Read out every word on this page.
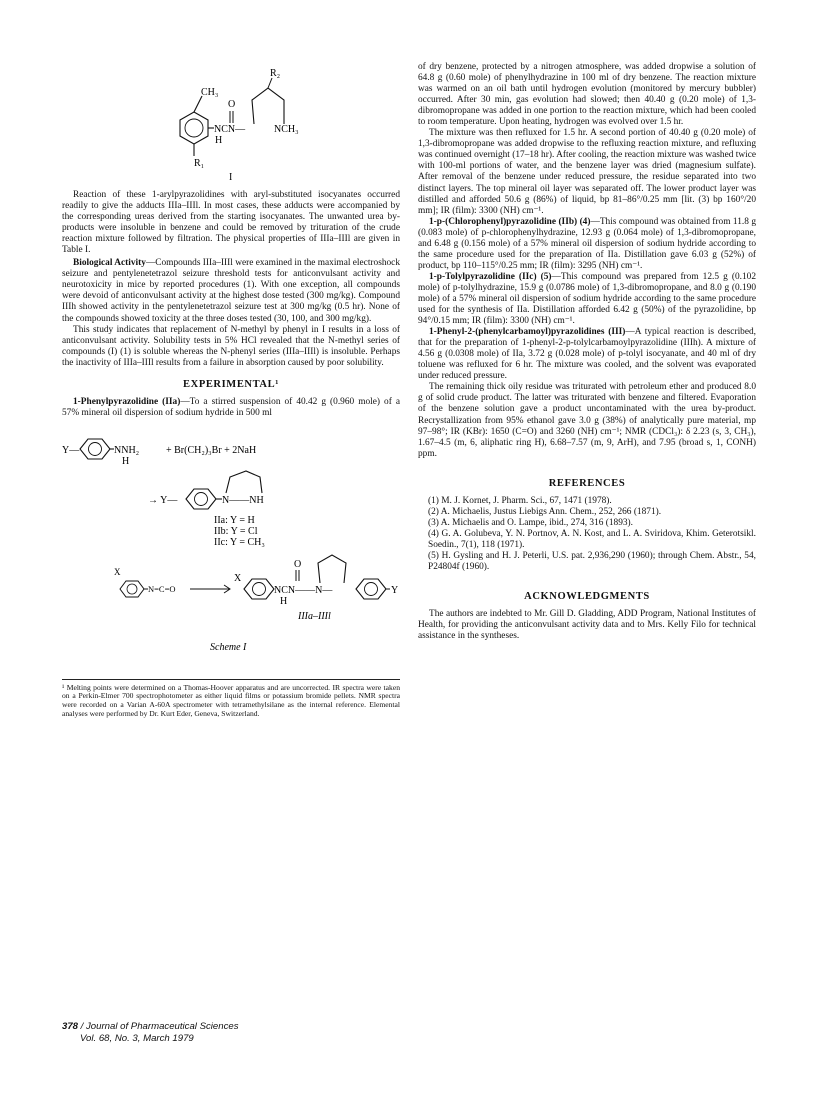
CH₃
R₁
NCN—
H
O
R₂
NCH₃
I

Reaction of these 1-arylpyrazolidines with aryl-substituted isocyanates occurred readily to give the adducts IIIa–IIIl. In most cases, these adducts were accompanied by the corresponding ureas derived from the starting isocyanates. The unwanted urea by-products were insoluble in benzene and could be removed by trituration of the crude reaction mixture followed by filtration. The physical properties of IIIa–IIIl are given in Table I.

Biological Activity—Compounds IIIa–IIIl were examined in the maximal electroshock seizure and pentylenetetrazol seizure threshold tests for anticonvulsant activity and neurotoxicity in mice by reported procedures (1). With one exception, all compounds were devoid of anticonvulsant activity at the highest dose tested (300 mg/kg). Compound IIIh showed activity in the pentylenetetrazol seizure test at 300 mg/kg (0.5 hr). None of the compounds showed toxicity at the three doses tested (30, 100, and 300 mg/kg).

This study indicates that replacement of N-methyl by phenyl in I results in a loss of anticonvulsant activity. Solubility tests in 5% HCl revealed that the N-methyl series of compounds (I) (1) is soluble whereas the N-phenyl series (IIIa–IIIl) is insoluble. Perhaps the inactivity of IIIa–IIIl results from a failure in absorption caused by poor solubility.

EXPERIMENTAL¹

1-Phenylpyrazolidine (IIa)—To a stirred suspension of 40.42 g (0.960 mole) of a 57% mineral oil dispersion of sodium hydride in 500 ml

Y—	NNH₂
H
+ Br(CH₂)₃Br + 2NaH
→ Y—	N——NH
IIa: Y = H
IIb: Y = Cl
IIc: Y = CH₃
X
N=C=O
X
O
NCN——N—
H
Y
IIIa–IIIl
Scheme I
¹ Melting points were determined on a Thomas-Hoover apparatus and are uncorrected. IR spectra were taken on a Perkin-Elmer 700 spectrophotometer as either liquid films or potassium bromide pellets. NMR spectra were recorded on a Varian A-60A spectrometer with tetramethylsilane as the internal reference. Elemental analyses were performed by Dr. Kurt Eder, Geneva, Switzerland.

of dry benzene, protected by a nitrogen atmosphere, was added dropwise a solution of 64.8 g (0.60 mole) of phenylhydrazine in 100 ml of dry benzene. The reaction mixture was warmed on an oil bath until hydrogen evolution (monitored by mercury bubbler) occurred. After 30 min, gas evolution had slowed; then 40.40 g (0.20 mole) of 1,3-dibromopropane was added in one portion to the reaction mixture, which had been cooled to room temperature. Upon heating, hydrogen was evolved over 1.5 hr.

The mixture was then refluxed for 1.5 hr. A second portion of 40.40 g (0.20 mole) of 1,3-dibromopropane was added dropwise to the refluxing reaction mixture, and refluxing was continued overnight (17–18 hr). After cooling, the reaction mixture was washed twice with 100-ml portions of water, and the benzene layer was dried (magnesium sulfate). After removal of the benzene under reduced pressure, the residue separated into two distinct layers. The top mineral oil layer was separated off. The lower product layer was distilled and afforded 50.6 g (86%) of liquid, bp 81–86°/0.25 mm [lit. (3) bp 160°/20 mm]; IR (film): 3300 (NH) cm⁻¹.

1-p-(Chlorophenyl)pyrazolidine (IIb) (4)—This compound was obtained from 11.8 g (0.083 mole) of p-chlorophenylhydrazine, 12.93 g (0.064 mole) of 1,3-dibromopropane, and 6.48 g (0.156 mole) of a 57% mineral oil dispersion of sodium hydride according to the same procedure used for the preparation of IIa. Distillation gave 6.03 g (52%) of product, bp 110–115°/0.25 mm; IR (film): 3295 (NH) cm⁻¹.

1-p-Tolylpyrazolidine (IIc) (5)—This compound was prepared from 12.5 g (0.102 mole) of p-tolylhydrazine, 15.9 g (0.0786 mole) of 1,3-dibromopropane, and 8.0 g (0.190 mole) of a 57% mineral oil dispersion of sodium hydride according to the same procedure used for the synthesis of IIa. Distillation afforded 6.42 g (50%) of the pyrazolidine, bp 94°/0.15 mm; IR (film): 3300 (NH) cm⁻¹.

1-Phenyl-2-(phenylcarbamoyl)pyrazolidines (III)—A typical reaction is described, that for the preparation of 1-phenyl-2-p-tolylcarbamoylpyrazolidine (IIIh). A mixture of 4.56 g (0.0308 mole) of IIa, 3.72 g (0.028 mole) of p-tolyl isocyanate, and 40 ml of dry toluene was refluxed for 6 hr. The mixture was cooled, and the solvent was evaporated under reduced pressure.

The remaining thick oily residue was triturated with petroleum ether and produced 8.0 g of solid crude product. The latter was triturated with benzene and filtered. Evaporation of the benzene solution gave a product uncontaminated with the urea by-product. Recrystallization from 95% ethanol gave 3.0 g (38%) of analytically pure material, mp 97–98°; IR (KBr): 1650 (C=O) and 3260 (NH) cm⁻¹; NMR (CDCl₃): δ 2.23 (s, 3, CH₃), 1.67–4.5 (m, 6, aliphatic ring H), 6.68–7.57 (m, 9, ArH), and 7.95 (broad s, 1, CONH) ppm.

REFERENCES

(1) M. J. Kornet, J. Pharm. Sci., 67, 1471 (1978).

(2) A. Michaelis, Justus Liebigs Ann. Chem., 252, 266 (1871).

(3) A. Michaelis and O. Lampe, ibid., 274, 316 (1893).

(4) G. A. Golubeva, Y. N. Portnov, A. N. Kost, and L. A. Sviridova, Khim. Geterotsikl. Soedin., 7(1), 118 (1971).

(5) H. Gysling and H. J. Peterli, U.S. pat. 2,936,290 (1960); through Chem. Abstr., 54, P24804f (1960).

ACKNOWLEDGMENTS

The authors are indebted to Mr. Gill D. Gladding, ADD Program, National Institutes of Health, for providing the anticonvulsant activity data and to Mrs. Kelly Filo for technical assistance in the syntheses.

378 / Journal of Pharmaceutical Sciences
Vol. 68, No. 3, March 1979
